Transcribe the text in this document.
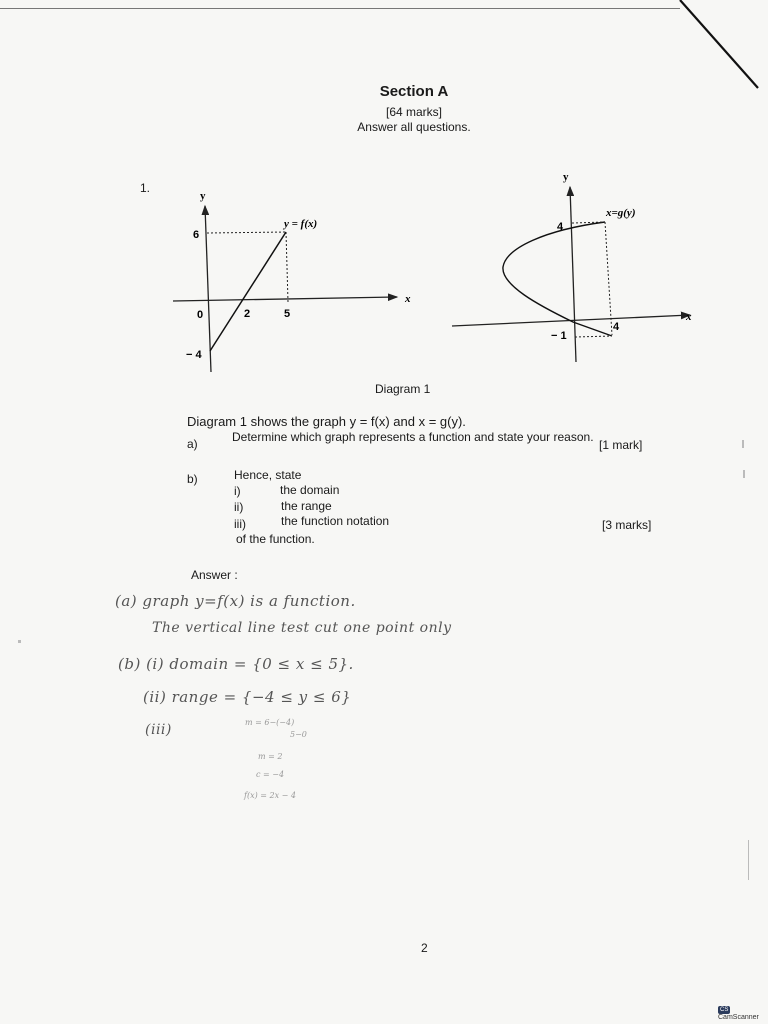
Section A
[64 marks]
Answer all questions.
1.
y
x
y = f(x)
6
0	2	5
− 4
y
x
x=g(y)
4
− 1
4
Diagram 1
Diagram 1 shows the graph y = f(x) and x = g(y).
a)	Determine which graph represents a function and state your reason.
[1 mark]
b)	Hence, state
i)	the domain
ii)	the range
iii)	the function notation
of the function.
[3 marks]
Answer :
(a) graph y=f(x) is a function.
The vertical line test cut one point only
(b) (i) domain = {0 ≤ x ≤ 5}.
(ii) range = {−4 ≤ y ≤ 6}
(iii)	m = 6−(−4)
5−0
m = 2
c = −4
f(x) = 2x − 4
2
CSCamScanner
